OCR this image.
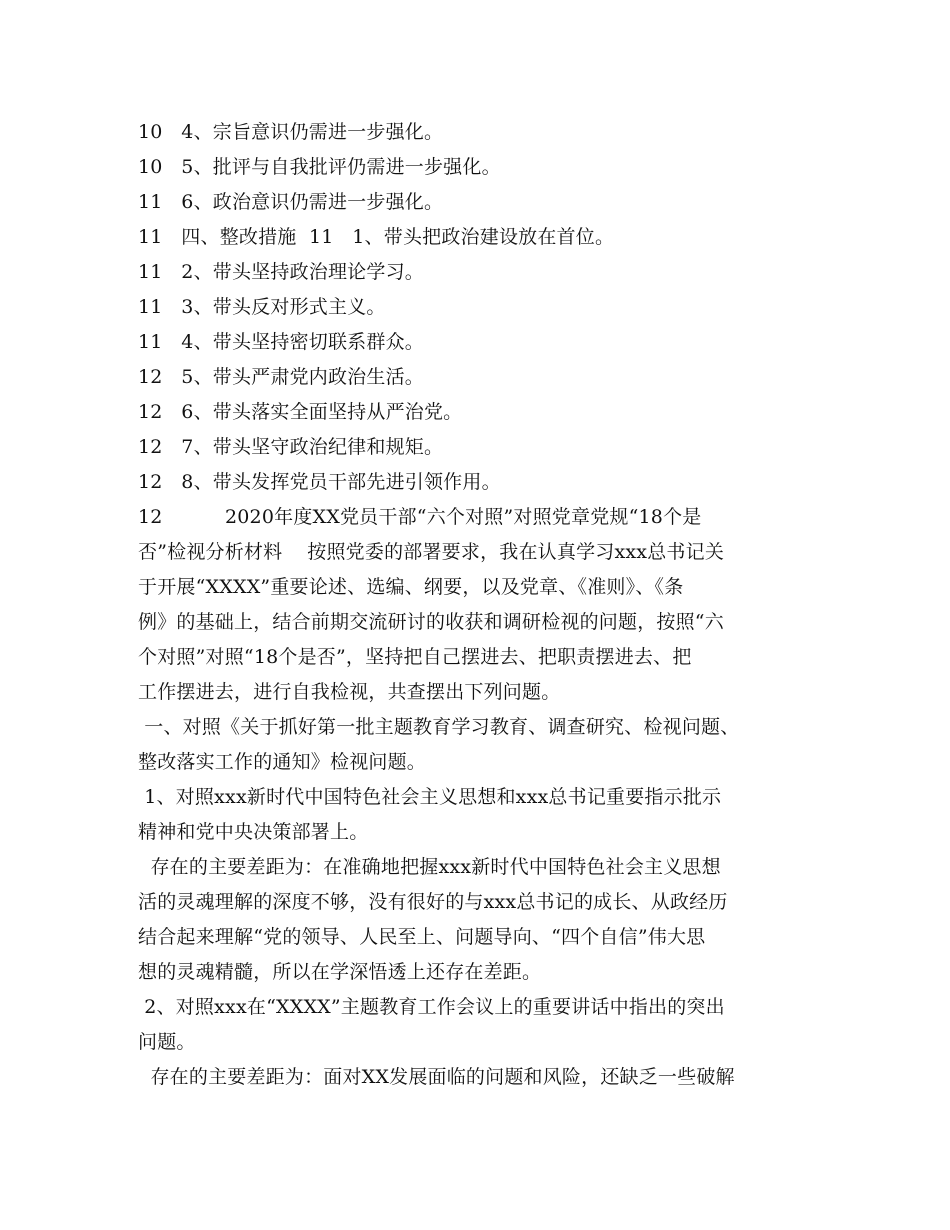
10   4、宗旨意识仍需进一步强化。
10   5、批评与自我批评仍需进一步强化。
11   6、政治意识仍需进一步强化。
11   四、整改措施  11   1、带头把政治建设放在首位。
11   2、带头坚持政治理论学习。
11   3、带头反对形式主义。
11   4、带头坚持密切联系群众。
12   5、带头严肃党内政治生活。
12   6、带头落实全面坚持从严治党。
12   7、带头坚守政治纪律和规矩。
12   8、带头发挥党员干部先进引领作用。
12          2020年度XX党员干部“六个对照”对照党章党规“18个是
否”检视分析材料    按照党委的部署要求，我在认真学习xxx总书记关
于开展“XXXX”重要论述、选编、纲要，以及党章、《准则》、《条
例》的基础上，结合前期交流研讨的收获和调研检视的问题，按照“六
个对照”对照“18个是否”，坚持把自己摆进去、把职责摆进去、把
工作摆进去，进行自我检视，共查摆出下列问题。
一、对照《关于抓好第一批主题教育学习教育、调查研究、检视问题、
整改落实工作的通知》检视问题。
1、对照xxx新时代中国特色社会主义思想和xxx总书记重要指示批示
精神和党中央决策部署上。
存在的主要差距为：在准确地把握xxx新时代中国特色社会主义思想
活的灵魂理解的深度不够，没有很好的与xxx总书记的成长、从政经历
结合起来理解“党的领导、人民至上、问题导向、“四个自信”伟大思
想的灵魂精髓，所以在学深悟透上还存在差距。
2、对照xxx在“XXXX”主题教育工作会议上的重要讲话中指出的突出
问题。
存在的主要差距为：面对XX发展面临的问题和风险，还缺乏一些破解
